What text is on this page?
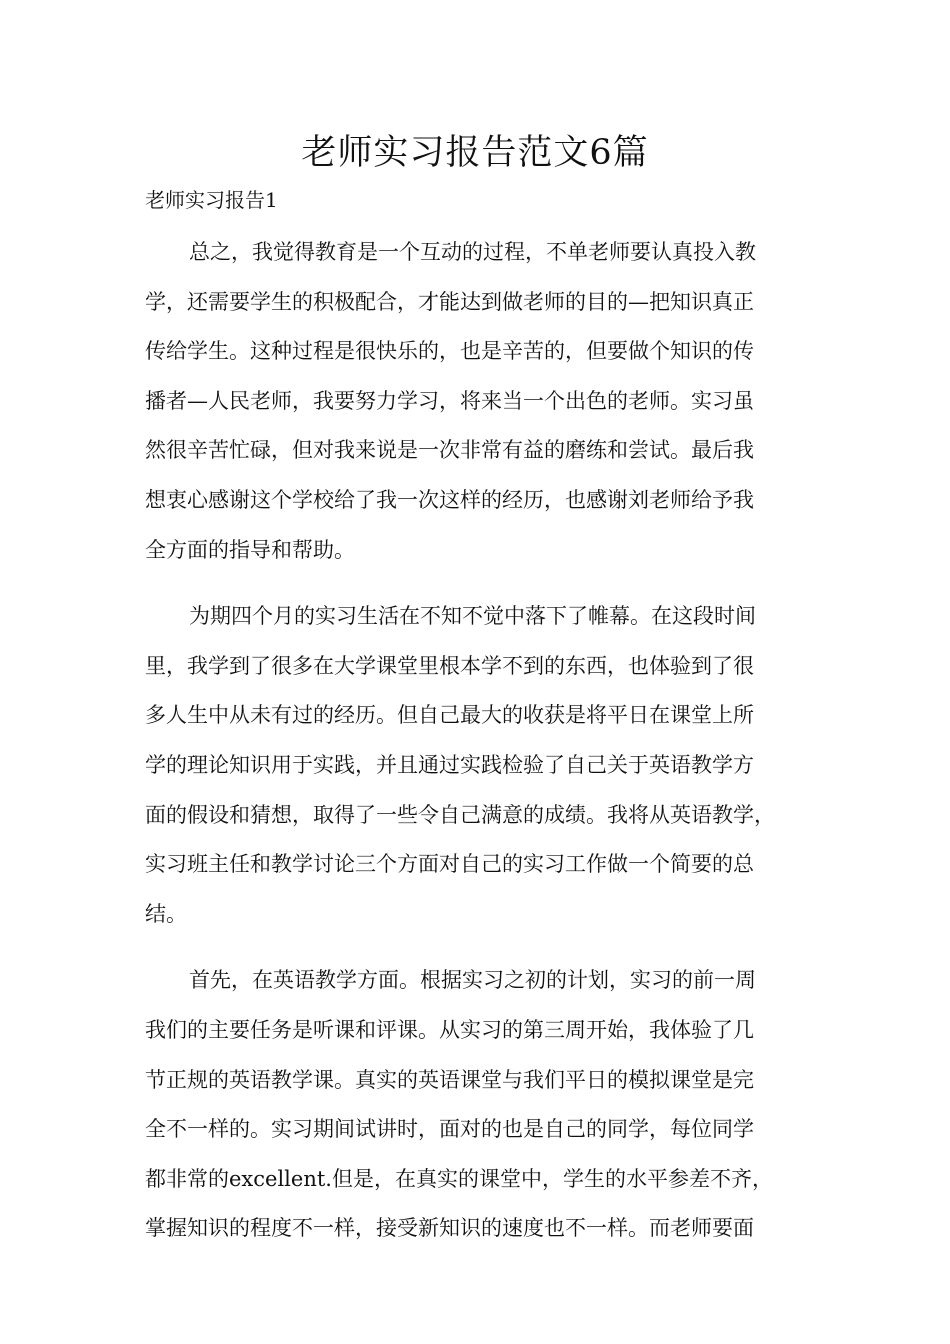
老师实习报告范文6篇
老师实习报告1
总之，我觉得教育是一个互动的过程，不单老师要认真投入教
学，还需要学生的积极配合，才能达到做老师的目的—把知识真正
传给学生。这种过程是很快乐的，也是辛苦的，但要做个知识的传
播者—人民老师，我要努力学习，将来当一个出色的老师。实习虽
然很辛苦忙碌，但对我来说是一次非常有益的磨练和尝试。最后我
想衷心感谢这个学校给了我一次这样的经历，也感谢刘老师给予我
全方面的指导和帮助。
为期四个月的实习生活在不知不觉中落下了帷幕。在这段时间
里，我学到了很多在大学课堂里根本学不到的东西，也体验到了很
多人生中从未有过的经历。但自己最大的收获是将平日在课堂上所
学的理论知识用于实践，并且通过实践检验了自己关于英语教学方
面的假设和猜想，取得了一些令自己满意的成绩。我将从英语教学，
实习班主任和教学讨论三个方面对自己的实习工作做一个简要的总
结。
首先，在英语教学方面。根据实习之初的计划，实习的前一周
我们的主要任务是听课和评课。从实习的第三周开始，我体验了几
节正规的英语教学课。真实的英语课堂与我们平日的模拟课堂是完
全不一样的。实习期间试讲时，面对的也是自己的同学，每位同学
都非常的excellent.但是，在真实的课堂中，学生的水平参差不齐，
掌握知识的程度不一样，接受新知识的速度也不一样。而老师要面
